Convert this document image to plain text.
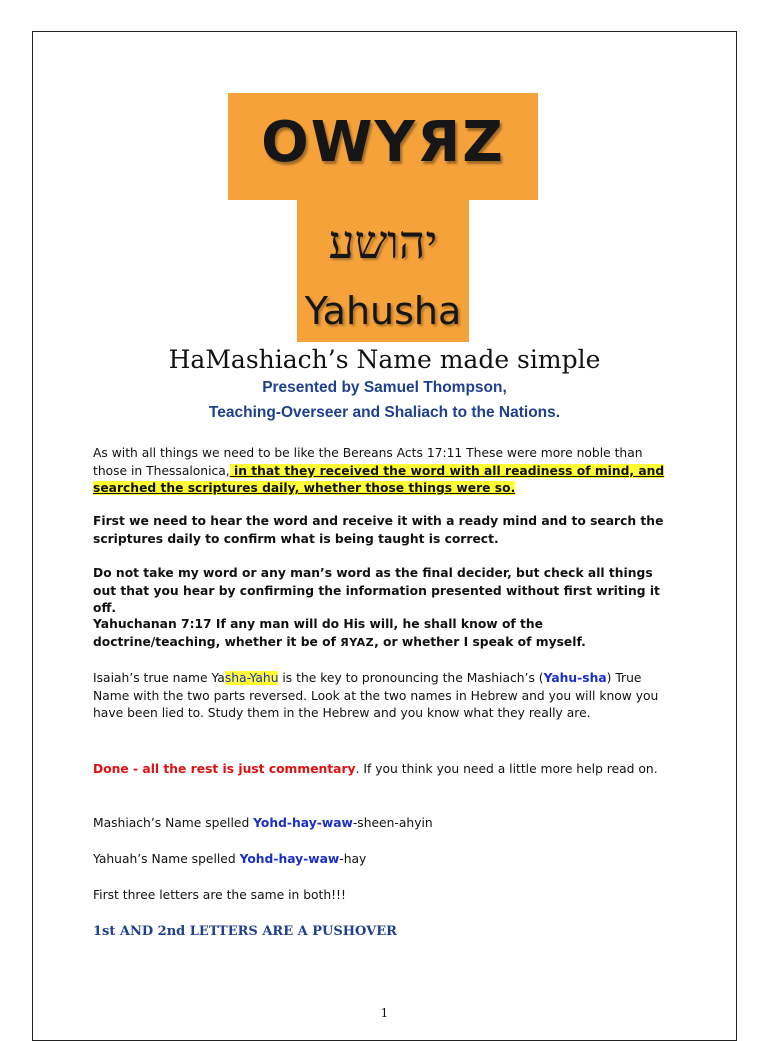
OWYЯZ
יהושע
Yahusha
HaMashiach’s Name made simple
Presented by Samuel Thompson,
Teaching-Overseer and Shaliach to the Nations.
As with all things we need to be like the Bereans Acts 17:11 These were more noble than those in Thessalonica, in that they received the word with all readiness of mind, and searched the scriptures daily, whether those things were so.
First we need to hear the word and receive it with a ready mind and to search the scriptures daily to confirm what is being taught is correct.
Do not take my word or any man’s word as the final decider, but check all things out that you hear by confirming the information presented without first writing it off.
Yahuchanan 7:17 If any man will do His will, he shall know of the doctrine/teaching, whether it be of ЯYAZ, or whether I speak of myself.
Isaiah’s true name Yasha-Yahu is the key to pronouncing the Mashiach’s (Yahu-sha) True Name with the two parts reversed. Look at the two names in Hebrew and you will know you have been lied to. Study them in the Hebrew and you know what they really are.
Done - all the rest is just commentary. If you think you need a little more help read on.
Mashiach’s Name spelled Yohd-hay-waw-sheen-ahyin
Yahuah’s Name spelled Yohd-hay-waw-hay
First three letters are the same in both!!!
1st AND 2nd LETTERS ARE A PUSHOVER
1
